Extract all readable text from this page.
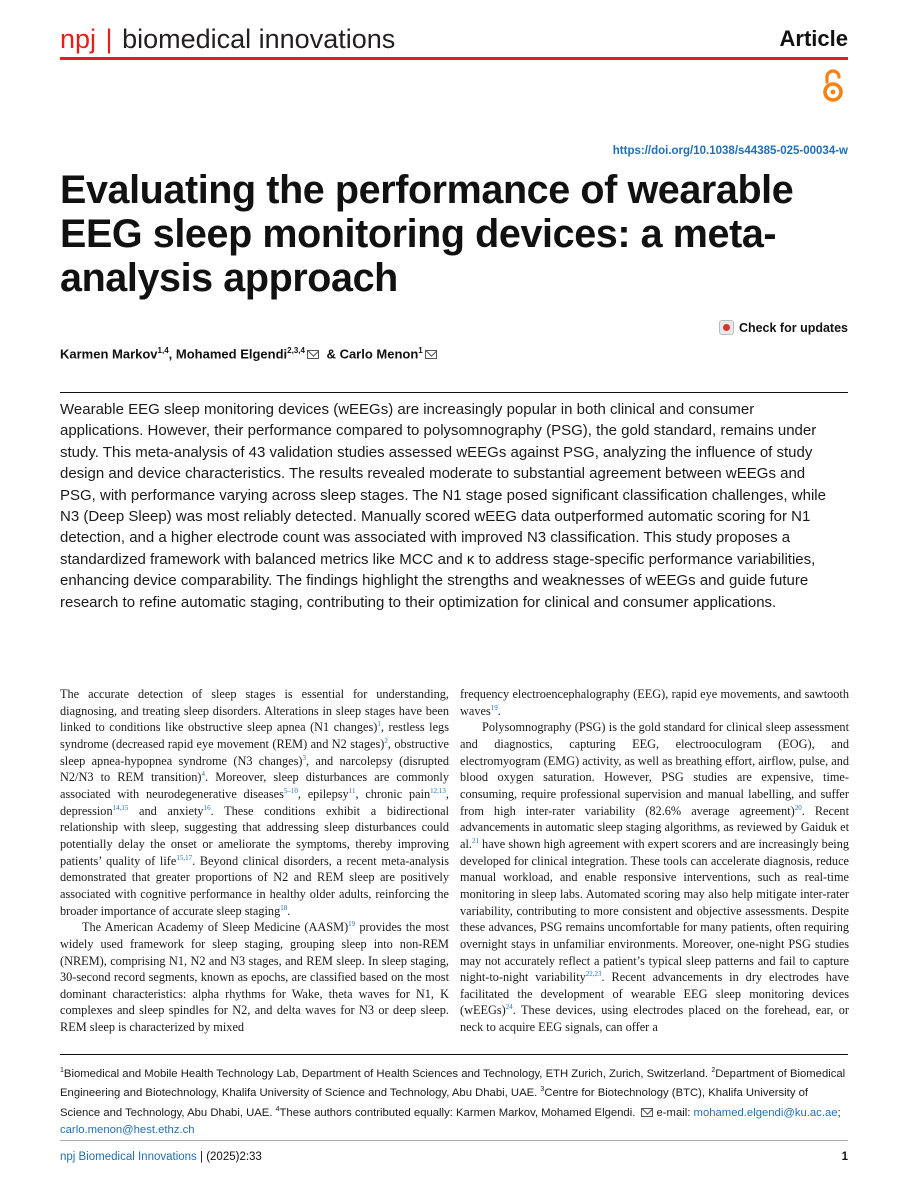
npj | biomedical innovations	Article
https://doi.org/10.1038/s44385-025-00034-w
Evaluating the performance of wearable EEG sleep monitoring devices: a meta-analysis approach
Check for updates
Karmen Markov$^{1,4}$, Mohamed Elgendi$^{2,3,4}$ & Carlo Menon$^1$

Wearable EEG sleep monitoring devices (wEEGs) are increasingly popular in both clinical and consumer applications. However, their performance compared to polysomnography (PSG), the gold standard, remains under study. This meta-analysis of 43 validation studies assessed wEEGs against PSG, analyzing the influence of study design and device characteristics. The results revealed moderate to substantial agreement between wEEGs and PSG, with performance varying across sleep stages. The N1 stage posed significant classification challenges, while N3 (Deep Sleep) was most reliably detected. Manually scored wEEG data outperformed automatic scoring for N1 detection, and a higher electrode count was associated with improved N3 classification. This study proposes a standardized framework with balanced metrics like MCC and κ to address stage-specific performance variabilities, enhancing device comparability. The findings highlight the strengths and weaknesses of wEEGs and guide future research to refine automatic staging, contributing to their optimization for clinical and consumer applications.

The accurate detection of sleep stages is essential for understanding, diagnosing, and treating sleep disorders. Alterations in sleep stages have been linked to conditions like obstructive sleep apnea (N1 changes)$^1$, restless legs syndrome (decreased rapid eye movement (REM) and N2 stages)$^2$, obstructive sleep apnea-hypopnea syndrome (N3 changes)$^3$, and narcolepsy (disrupted N2/N3 to REM transition)$^4$. Moreover, sleep disturbances are commonly associated with neurodegenerative diseases$^{5-10}$, epilepsy$^{11}$, chronic pain$^{12,13}$, depression$^{14,15}$ and anxiety$^{16}$. These conditions exhibit a bidirectional relationship with sleep, suggesting that addressing sleep disturbances could potentially delay the onset or ameliorate the symptoms, thereby improving patients’ quality of life$^{15,17}$. Beyond clinical disorders, a recent meta-analysis demonstrated that greater proportions of N2 and REM sleep are positively associated with cognitive performance in healthy older adults, reinforcing the broader importance of accurate sleep staging$^{18}$.

The American Academy of Sleep Medicine (AASM)$^{19}$ provides the most widely used framework for sleep staging, grouping sleep into non-REM (NREM), comprising N1, N2 and N3 stages, and REM sleep. In sleep staging, 30-second record segments, known as epochs, are classified based on the most dominant characteristics: alpha rhythms for Wake, theta waves for N1, K complexes and sleep spindles for N2, and delta waves for N3 or deep sleep. REM sleep is characterized by mixed

frequency electroencephalography (EEG), rapid eye movements, and sawtooth waves$^{19}$.

Polysomnography (PSG) is the gold standard for clinical sleep assessment and diagnostics, capturing EEG, electrooculogram (EOG), and electromyogram (EMG) activity, as well as breathing effort, airflow, pulse, and blood oxygen saturation. However, PSG studies are expensive, time-consuming, require professional supervision and manual labelling, and suffer from high inter-rater variability (82.6% average agreement)$^{20}$. Recent advancements in automatic sleep staging algorithms, as reviewed by Gaiduk et al.$^{21}$ have shown high agreement with expert scorers and are increasingly being developed for clinical integration. These tools can accelerate diagnosis, reduce manual workload, and enable responsive interventions, such as real-time monitoring in sleep labs. Automated scoring may also help mitigate inter-rater variability, contributing to more consistent and objective assessments. Despite these advances, PSG remains uncomfortable for many patients, often requiring overnight stays in unfamiliar environments. Moreover, one-night PSG studies may not accurately reflect a patient’s typical sleep patterns and fail to capture night-to-night variability$^{22,23}$. Recent advancements in dry electrodes have facilitated the development of wearable EEG sleep monitoring devices (wEEGs)$^{24}$. These devices, using electrodes placed on the forehead, ear, or neck to acquire EEG signals, can offer a

$^1$Biomedical and Mobile Health Technology Lab, Department of Health Sciences and Technology, ETH Zurich, Zurich, Switzerland. $^2$Department of Biomedical Engineering and Biotechnology, Khalifa University of Science and Technology, Abu Dhabi, UAE. $^3$Centre for Biotechnology (BTC), Khalifa University of Science and Technology, Abu Dhabi, UAE. $^4$These authors contributed equally: Karmen Markov, Mohamed Elgendi. e-mail: mohamed.elgendi@ku.ac.ae;
carlo.menon@hest.ethz.ch
npj Biomedical Innovations | (2025)2:33	1
